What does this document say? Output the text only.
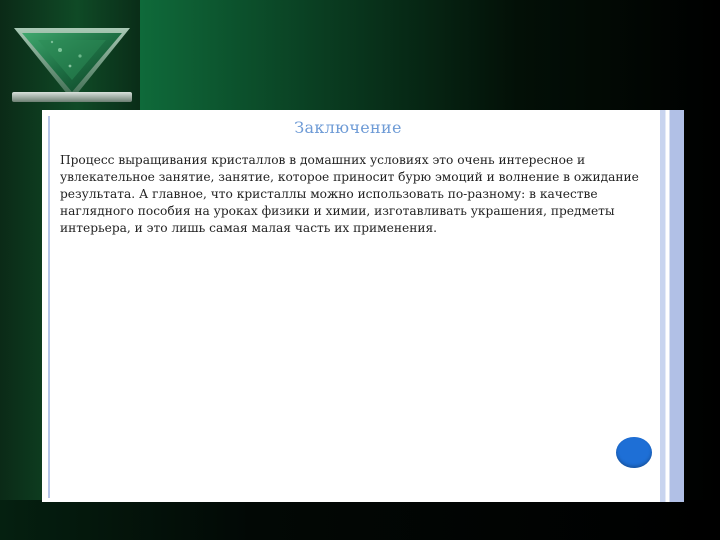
Заключение
Процесс выращивания кристаллов в домашних условиях это очень интересное и увлекательное занятие, занятие, которое приносит бурю эмоций и волнение в ожидание результата. А главное, что кристаллы можно использовать по-разному: в качестве наглядного пособия на уроках физики и химии, изготавливать украшения, предметы интерьера, и это лишь самая малая часть их применения.
